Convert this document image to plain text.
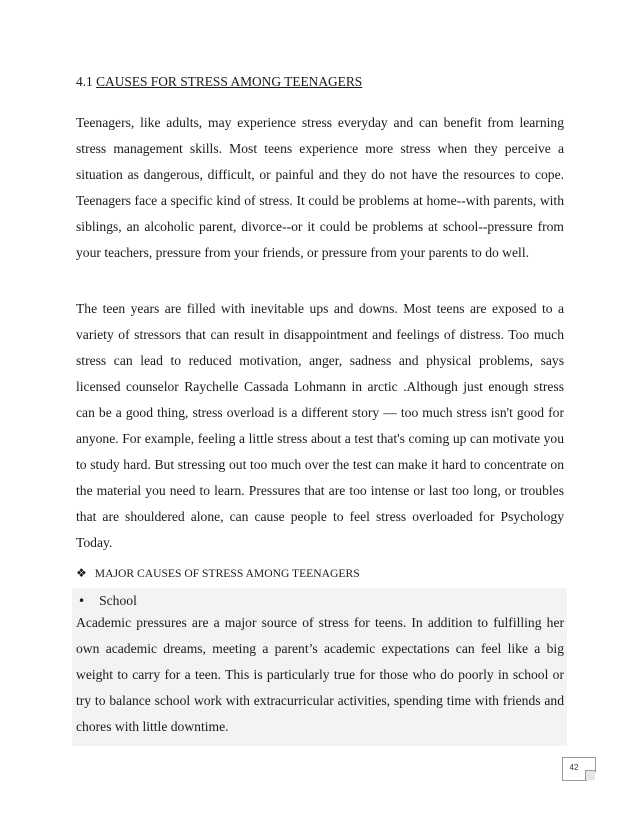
4.1 CAUSES FOR STRESS AMONG TEENAGERS

Teenagers, like adults, may experience stress everyday and can benefit from learning stress management skills. Most teens experience more stress when they perceive a situation as dangerous, difficult, or painful and they do not have the resources to cope. Teenagers face a specific kind of stress. It could be problems at home--with parents, with siblings, an alcoholic parent, divorce--or it could be problems at school--pressure from your teachers, pressure from your friends, or pressure from your parents to do well.

The teen years are filled with inevitable ups and downs. Most teens are exposed to a variety of stressors that can result in disappointment and feelings of distress. Too much stress can lead to reduced motivation, anger, sadness and physical problems, says licensed counselor Raychelle Cassada Lohmann in arctic .Although just enough stress can be a good thing, stress overload is a different story — too much stress isn't good for anyone. For example, feeling a little stress about a test that's coming up can motivate you to study hard. But stressing out too much over the test can make it hard to concentrate on the material you need to learn. Pressures that are too intense or last too long, or troubles that are shouldered alone, can cause people to feel stress overloaded for Psychology Today.

❖ MAJOR CAUSES OF STRESS AMONG TEENAGERS
• School

Academic pressures are a major source of stress for teens. In addition to fulfilling her own academic dreams, meeting a parent’s academic expectations can feel like a big weight to carry for a teen. This is particularly true for those who do poorly in school or try to balance school work with extracurricular activities, spending time with friends and chores with little downtime.

42
